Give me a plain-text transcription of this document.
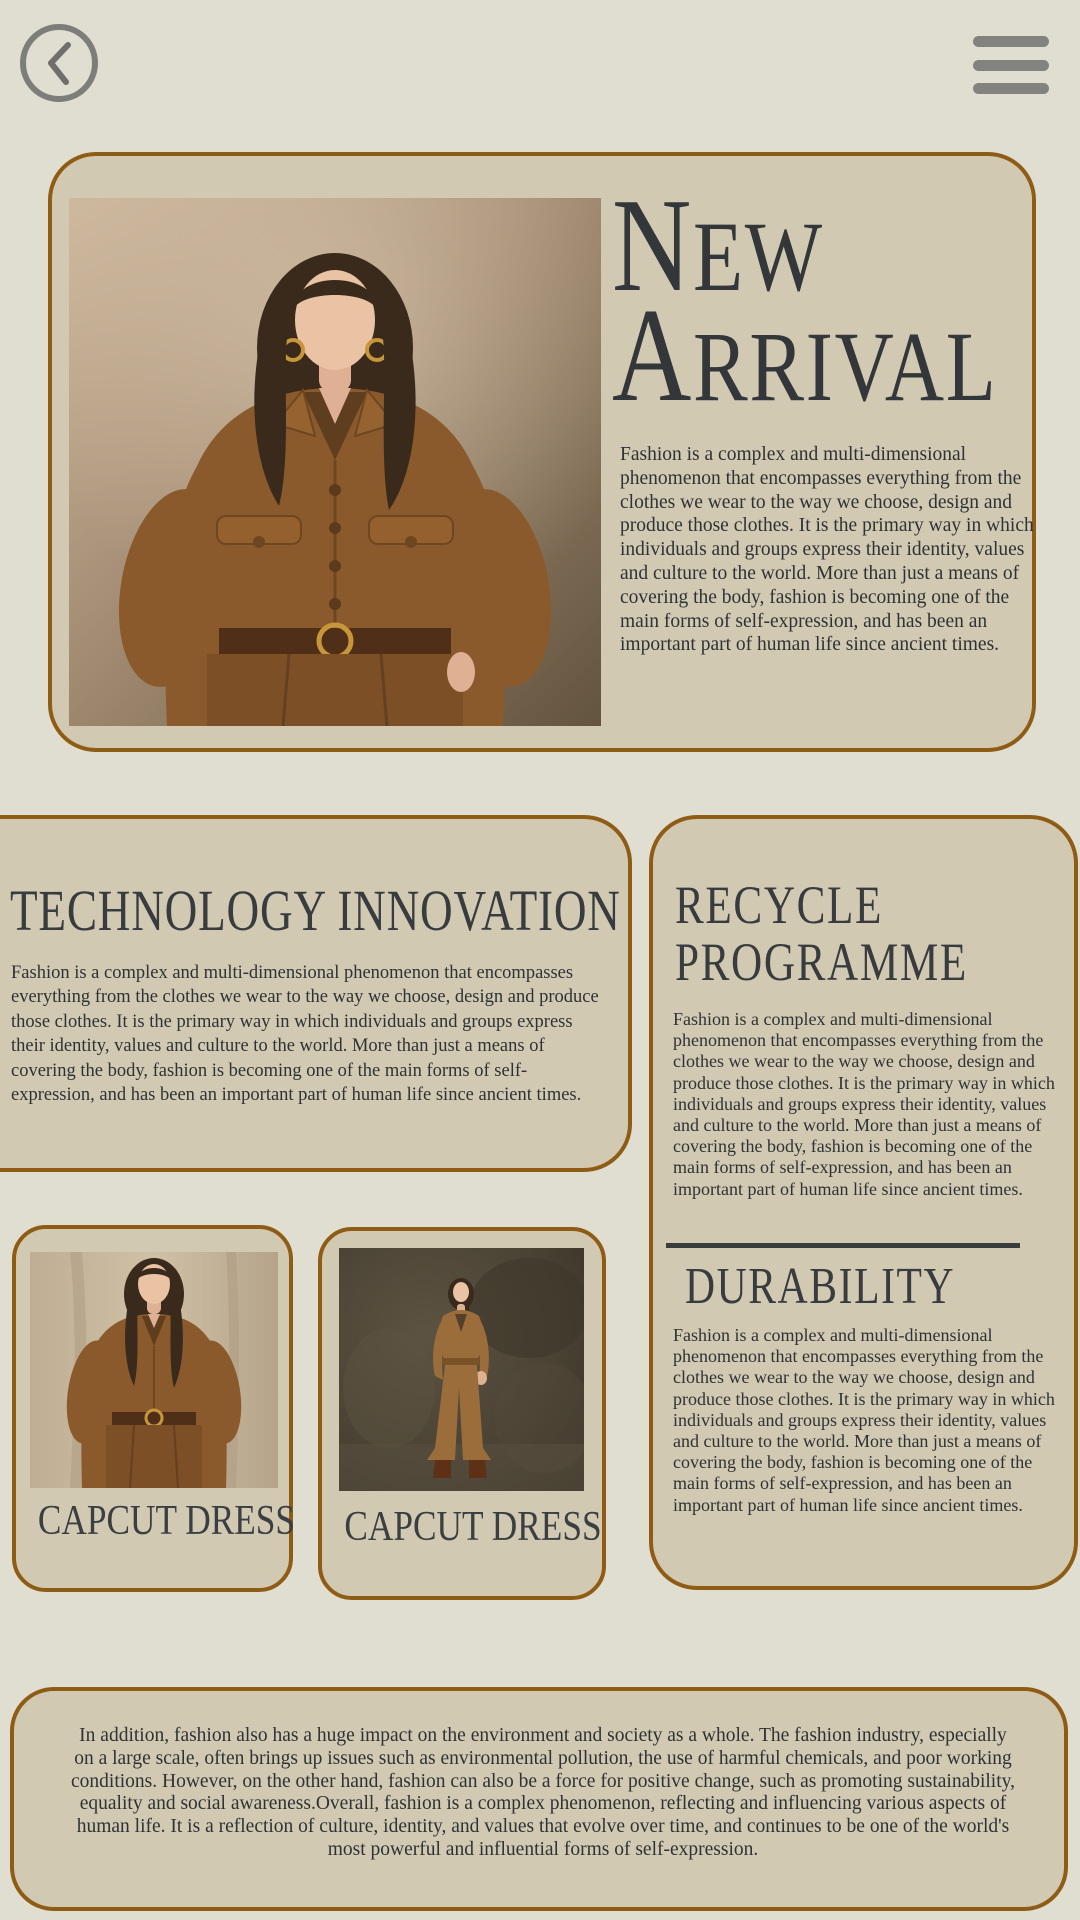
NEW
ARRIVAL
Fashion is a complex and multi-dimensional phenomenon that encompasses everything from the clothes we wear to the way we choose, design and produce those clothes. It is the primary way in which individuals and groups express their identity, values and culture to the world. More than just a means of covering the body, fashion is becoming one of the main forms of self-expression, and has been an important part of human life since ancient times.
TECHNOLOGY INNOVATION
Fashion is a complex and multi-dimensional phenomenon that encompasses everything from the clothes we wear to the way we choose, design and produce those clothes. It is the primary way in which individuals and groups express their identity, values and culture to the world. More than just a means of covering the body, fashion is becoming one of the main forms of self-expression, and has been an important part of human life since ancient times.
RECYCLE
PROGRAMME
Fashion is a complex and multi-dimensional phenomenon that encompasses everything from the clothes we wear to the way we choose, design and produce those clothes. It is the primary way in which individuals and groups express their identity, values and culture to the world. More than just a means of covering the body, fashion is becoming one of the main forms of self-expression, and has been an important part of human life since ancient times.
DURABILITY
Fashion is a complex and multi-dimensional phenomenon that encompasses everything from the clothes we wear to the way we choose, design and produce those clothes. It is the primary way in which individuals and groups express their identity, values and culture to the world. More than just a means of covering the body, fashion is becoming one of the main forms of self-expression, and has been an important part of human life since ancient times.
CAPCUT DRESS CAPCUT DRESS
In addition, fashion also has a huge impact on the environment and society as a whole. The fashion industry, especially on a large scale, often brings up issues such as environmental pollution, the use of harmful chemicals, and poor working conditions. However, on the other hand, fashion can also be a force for positive change, such as promoting sustainability, equality and social awareness.Overall, fashion is a complex phenomenon, reflecting and influencing various aspects of human life. It is a reflection of culture, identity, and values that evolve over time, and continues to be one of the world's most powerful and influential forms of self-expression.
